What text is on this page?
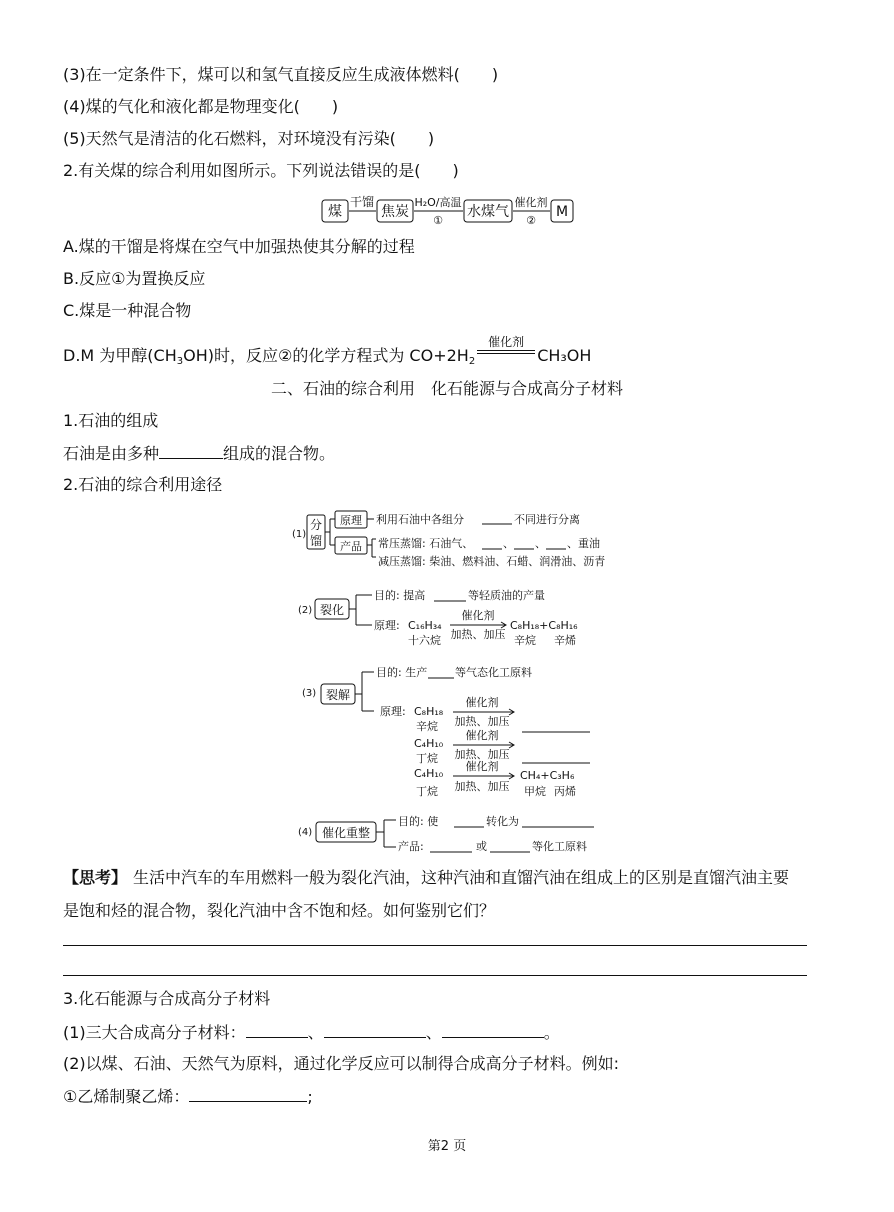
(3)在一定条件下，煤可以和氢气直接反应生成液体燃料(　　)
(4)煤的气化和液化都是物理变化(　　)
(5)天然气是清洁的化石燃料，对环境没有污染(　　)
2.有关煤的综合利用如图所示。下列说法错误的是(　　)
煤
干馏
焦炭
H₂O/高温
①
水煤气
催化剂
②
M
A.煤的干馏是将煤在空气中加强热使其分解的过程
B.反应①为置换反应
C.煤是一种混合物
D.M 为甲醇$(CH_3OH)$时，反应②的化学方程式为 $CO+2H_2$
催化剂
CH₃OH
二、石油的综合利用　化石能源与合成高分子材料
1.石油的组成
石油是由多种	组成的混合物。
2.石油的综合利用途径
(1)
分
馏
原理 利用石油中各组分	不同进行分离
产品 常压蒸馏: 石油气、	、 、 、重油
减压蒸馏: 柴油、燃料油、石蜡、润滑油、沥青
(2) 裂化
目的: 提高	等轻质油的产量
原理: C₁₆H₃₄
十六烷
催化剂
加热、加压
C₈H₁₈+C₈H₁₆
辛烷 辛烯
(3) 裂解
目的: 生产	等气态化工原料
原理: C₈H₁₈
辛烷
催化剂
加热、加压
C₄H₁₀
丁烷
催化剂
加热、加压
C₄H₁₀
丁烷
催化剂
加热、加压
CH₄+C₃H₆
甲烷 丙烯
(4) 催化重整
目的: 使	转化为
产品:	或	等化工原料
【思考】 生活中汽车的车用燃料一般为裂化汽油，这种汽油和直馏汽油在组成上的区别是直馏汽油主要
是饱和烃的混合物，裂化汽油中含不饱和烃。如何鉴别它们？
3.化石能源与合成高分子材料
(1)三大合成高分子材料：	、	、	。
(2)以煤、石油、天然气为原料，通过化学反应可以制得合成高分子材料。例如:
①乙烯制聚乙烯：	;
第2 页
